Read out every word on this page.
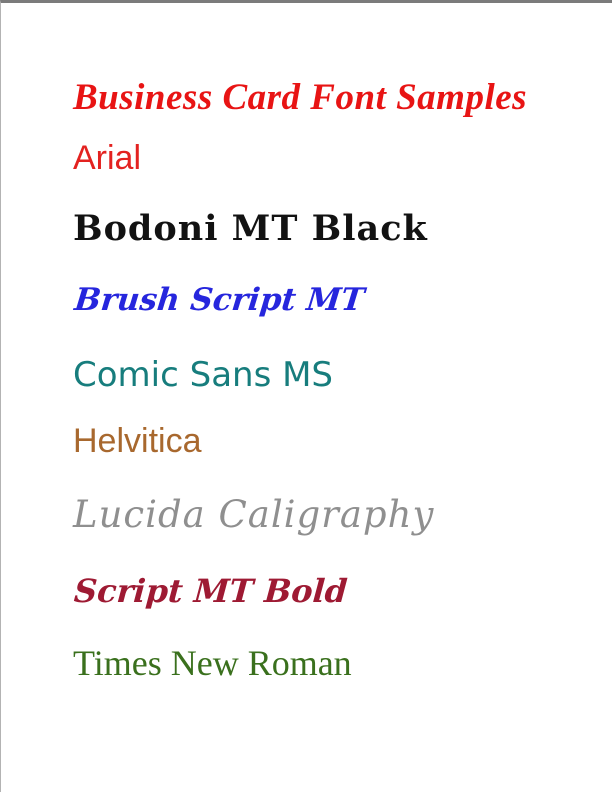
Business Card Font Samples
Arial
Bodoni MT Black
Brush Script MT
Comic Sans MS
Helvitica
Lucida Caligraphy
Script MT Bold
Times New Roman
